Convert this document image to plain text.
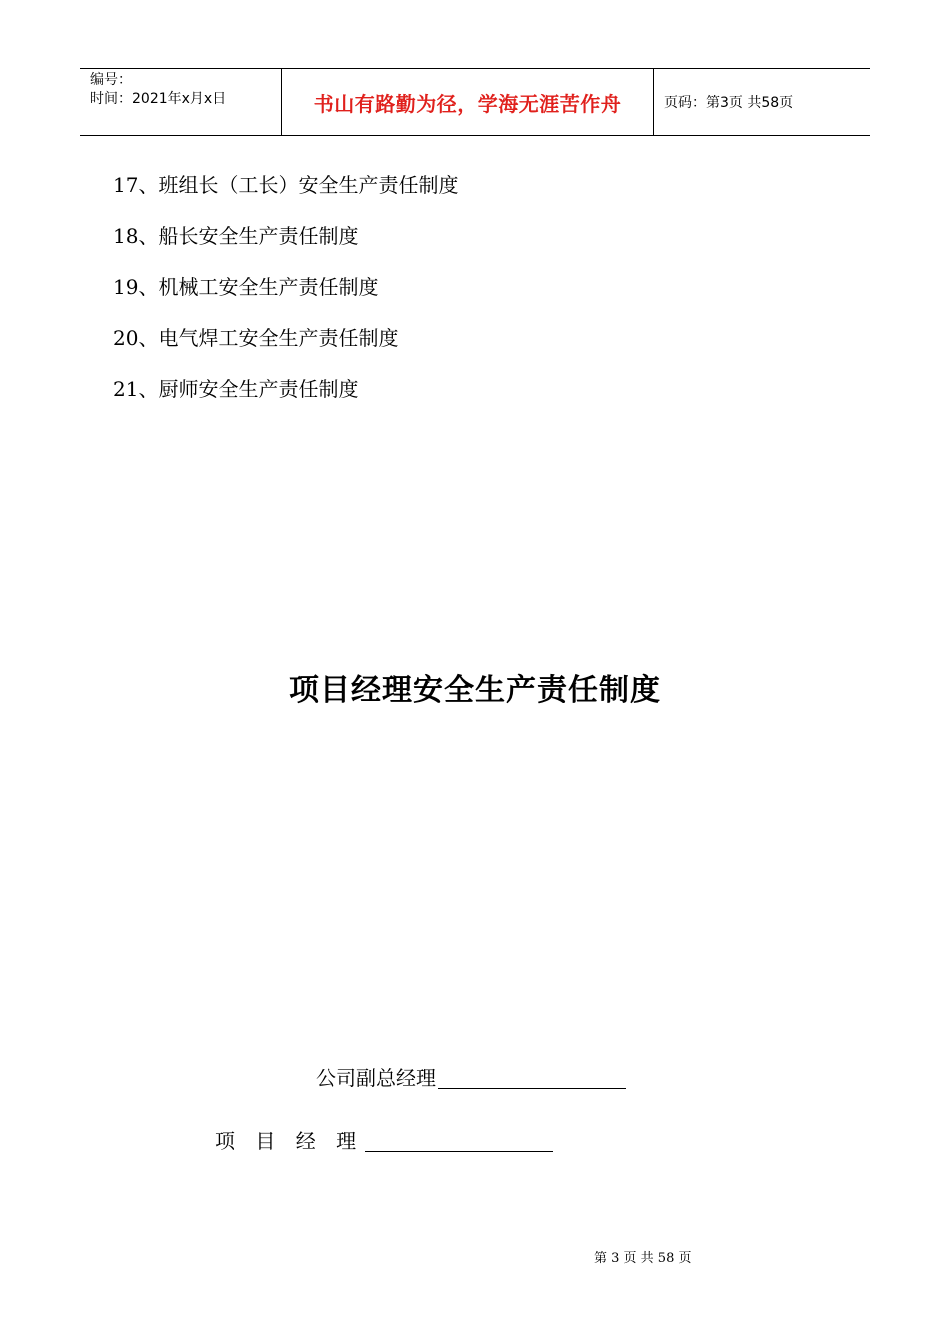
编号：
时间：2021年x月x日	书山有路勤为径，学海无涯苦作舟	页码：第3页 共58页
17、班组长（工长）安全生产责任制度
18、船长安全生产责任制度
19、机械工安全生产责任制度
20、电气焊工安全生产责任制度
21、厨师安全生产责任制度
项目经理安全生产责任制度
公司副总经理
项 目 经 理
第 3 页 共 58 页
